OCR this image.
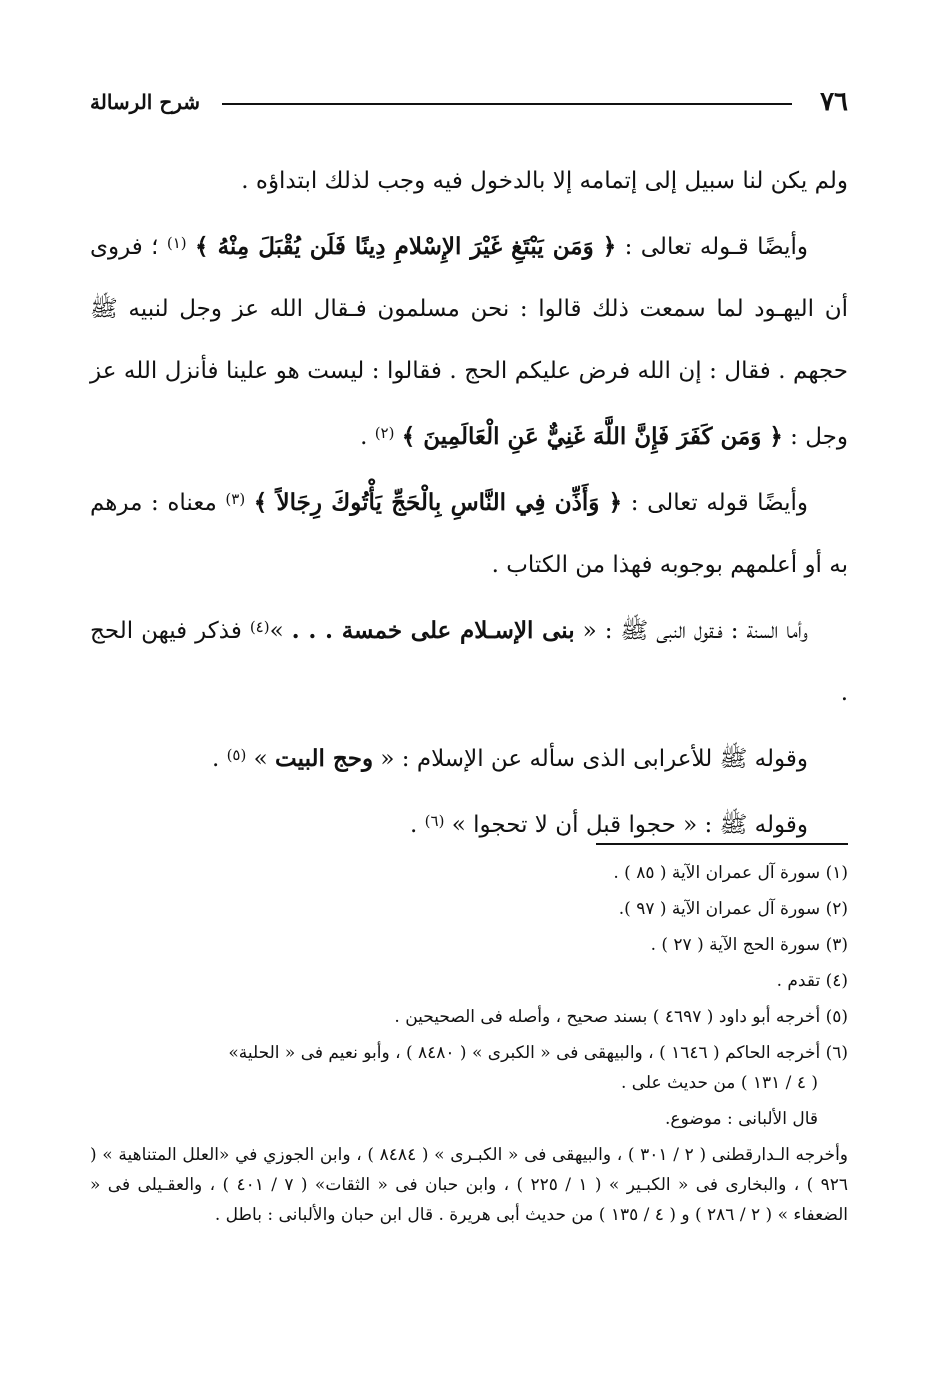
٧٦
شرح الرسالة

ولم يكن لنا سبيل إلى إتمامه إلا بالدخول فيه وجب لذلك ابتداؤه .

وأيضًا قـوله تعالى : ﴿ وَمَن يَبْتَغِ غَيْرَ الإِسْلامِ دِينًا فَلَن يُقْبَلَ مِنْهُ ﴾ $^{(١)}$ ؛ فروى أن اليهـود لما سمعت ذلك قالوا : نحن مسلمون فـقال الله عز وجل لنبيه ﷺ حجهم . فقال : إن الله فرض عليكم الحج . فقالوا : ليست هو علينا فأنزل الله عز وجل : ﴿ وَمَن كَفَرَ فَإِنَّ اللَّهَ غَنِيٌّ عَنِ الْعَالَمِينَ ﴾ $^{(٢)}$ .

وأيضًا قوله تعالى : ﴿ وَأَذِّن فِي النَّاسِ بِالْحَجِّ يَأْتُوكَ رِجَالاً ﴾ $^{(٣)}$ معناه : مرهم به أو أعلمهم بوجوبه فهذا من الكتاب .

وأما السنة : فـقول النبى ﷺ : « بنى الإسـلام على خمسة . . . »$^{(٤)}$ فذكر فيهن الحج .

وقوله ﷺ للأعرابى الذى سأله عن الإسلام : « وحج البيت » $^{(٥)}$ .

وقوله ﷺ : « حجوا قبل أن لا تحجوا » $^{(٦)}$ .

(١) سورة آل عمران الآية ( ٨٥ ) .

(٢) سورة آل عمران الآية ( ٩٧ ).

(٣) سورة الحج الآية ( ٢٧ ) .

(٤) تقدم .

(٥) أخرجه أبو داود ( ٤٦٩٧ ) بسند صحيح ، وأصله فى الصحيحين .

(٦) أخرجه الحاكم ( ١٦٤٦ ) ، والبيهقى فى « الكبرى » ( ٨٤٨٠ ) ، وأبو نعيم فى « الحلية»

( ٤ / ١٣١ ) من حديث على .

قال الألبانى : موضوع.

وأخرجه الـدارقطنى ( ٢ / ٣٠١ ) ، والبيهقى فى « الكبـرى » ( ٨٤٨٤ ) ، وابن الجوزي في «العلل المتناهية » ( ٩٢٦ ) ، والبخارى فى « الكبـير » ( ١ / ٢٢٥ ) ، وابن حبان فى « الثقات» ( ٧ / ٤٠١ ) ، والعقـيلى فى « الضعفاء » ( ٢ / ٢٨٦ ) و ( ٤ / ١٣٥ ) من حديث أبى هريرة . قال ابن حبان والألبانى : باطل .
